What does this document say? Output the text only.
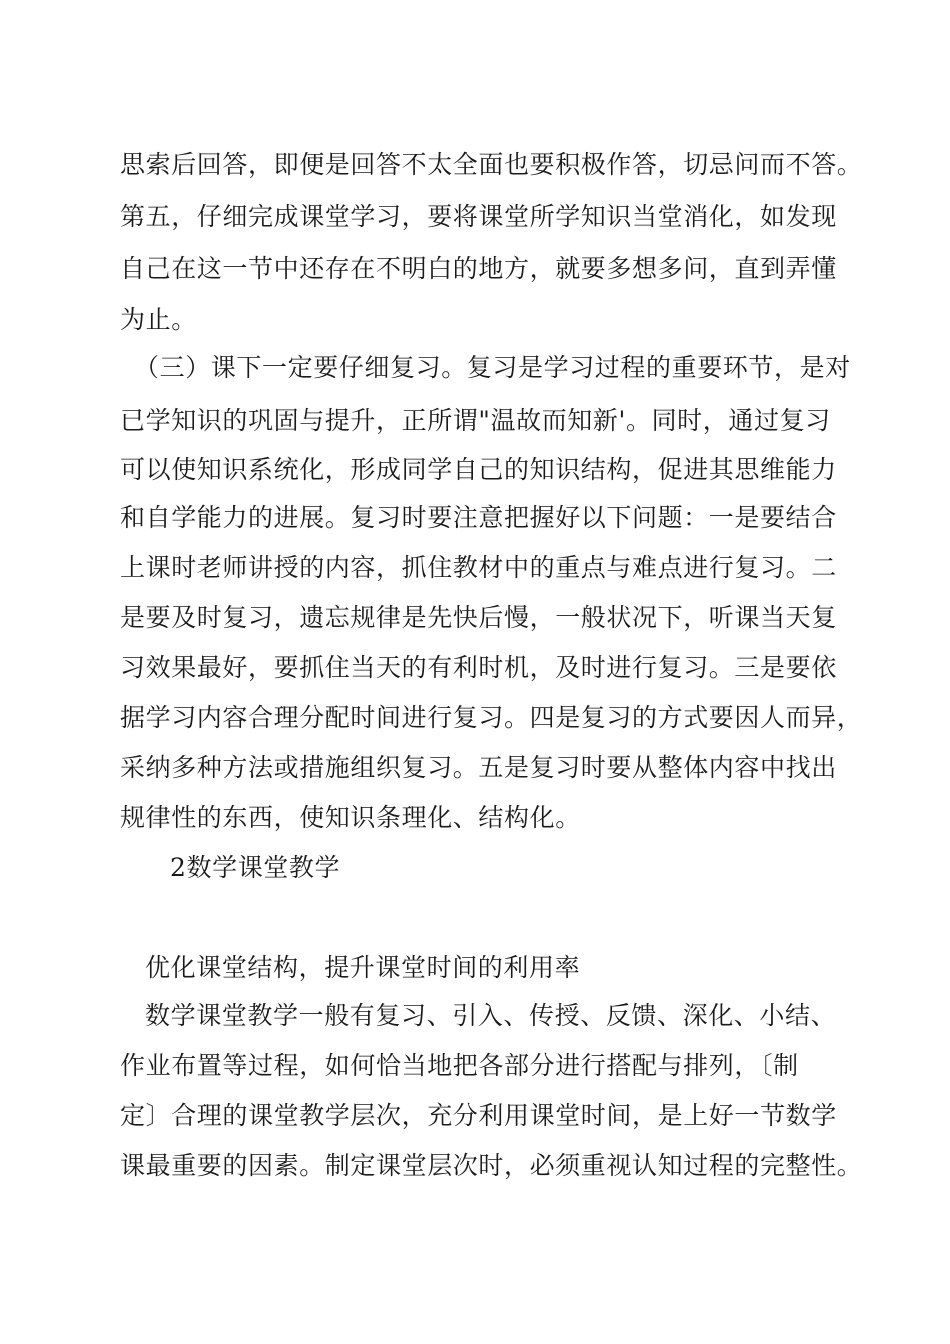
思索后回答，即便是回答不太全面也要积极作答，切忌问而不答。
第五，仔细完成课堂学习，要将课堂所学知识当堂消化，如发现
自己在这一节中还存在不明白的地方，就要多想多问，直到弄懂
为止。
（三）课下一定要仔细复习。复习是学习过程的重要环节，是对
已学知识的巩固与提升，正所谓"温故而知新'。同时，通过复习
可以使知识系统化，形成同学自己的知识结构，促进其思维能力
和自学能力的进展。复习时要注意把握好以下问题：一是要结合
上课时老师讲授的内容，抓住教材中的重点与难点进行复习。二
是要及时复习，遗忘规律是先快后慢，一般状况下，听课当天复
习效果最好，要抓住当天的有利时机，及时进行复习。三是要依
据学习内容合理分配时间进行复习。四是复习的方式要因人而异，
采纳多种方法或措施组织复习。五是复习时要从整体内容中找出
规律性的东西，使知识条理化、结构化。
2数学课堂教学
优化课堂结构，提升课堂时间的利用率
数学课堂教学一般有复习、引入、传授、反馈、深化、小结、
作业布置等过程，如何恰当地把各部分进行搭配与排列，〔制
定〕合理的课堂教学层次，充分利用课堂时间，是上好一节数学
课最重要的因素。制定课堂层次时，必须重视认知过程的完整性。
